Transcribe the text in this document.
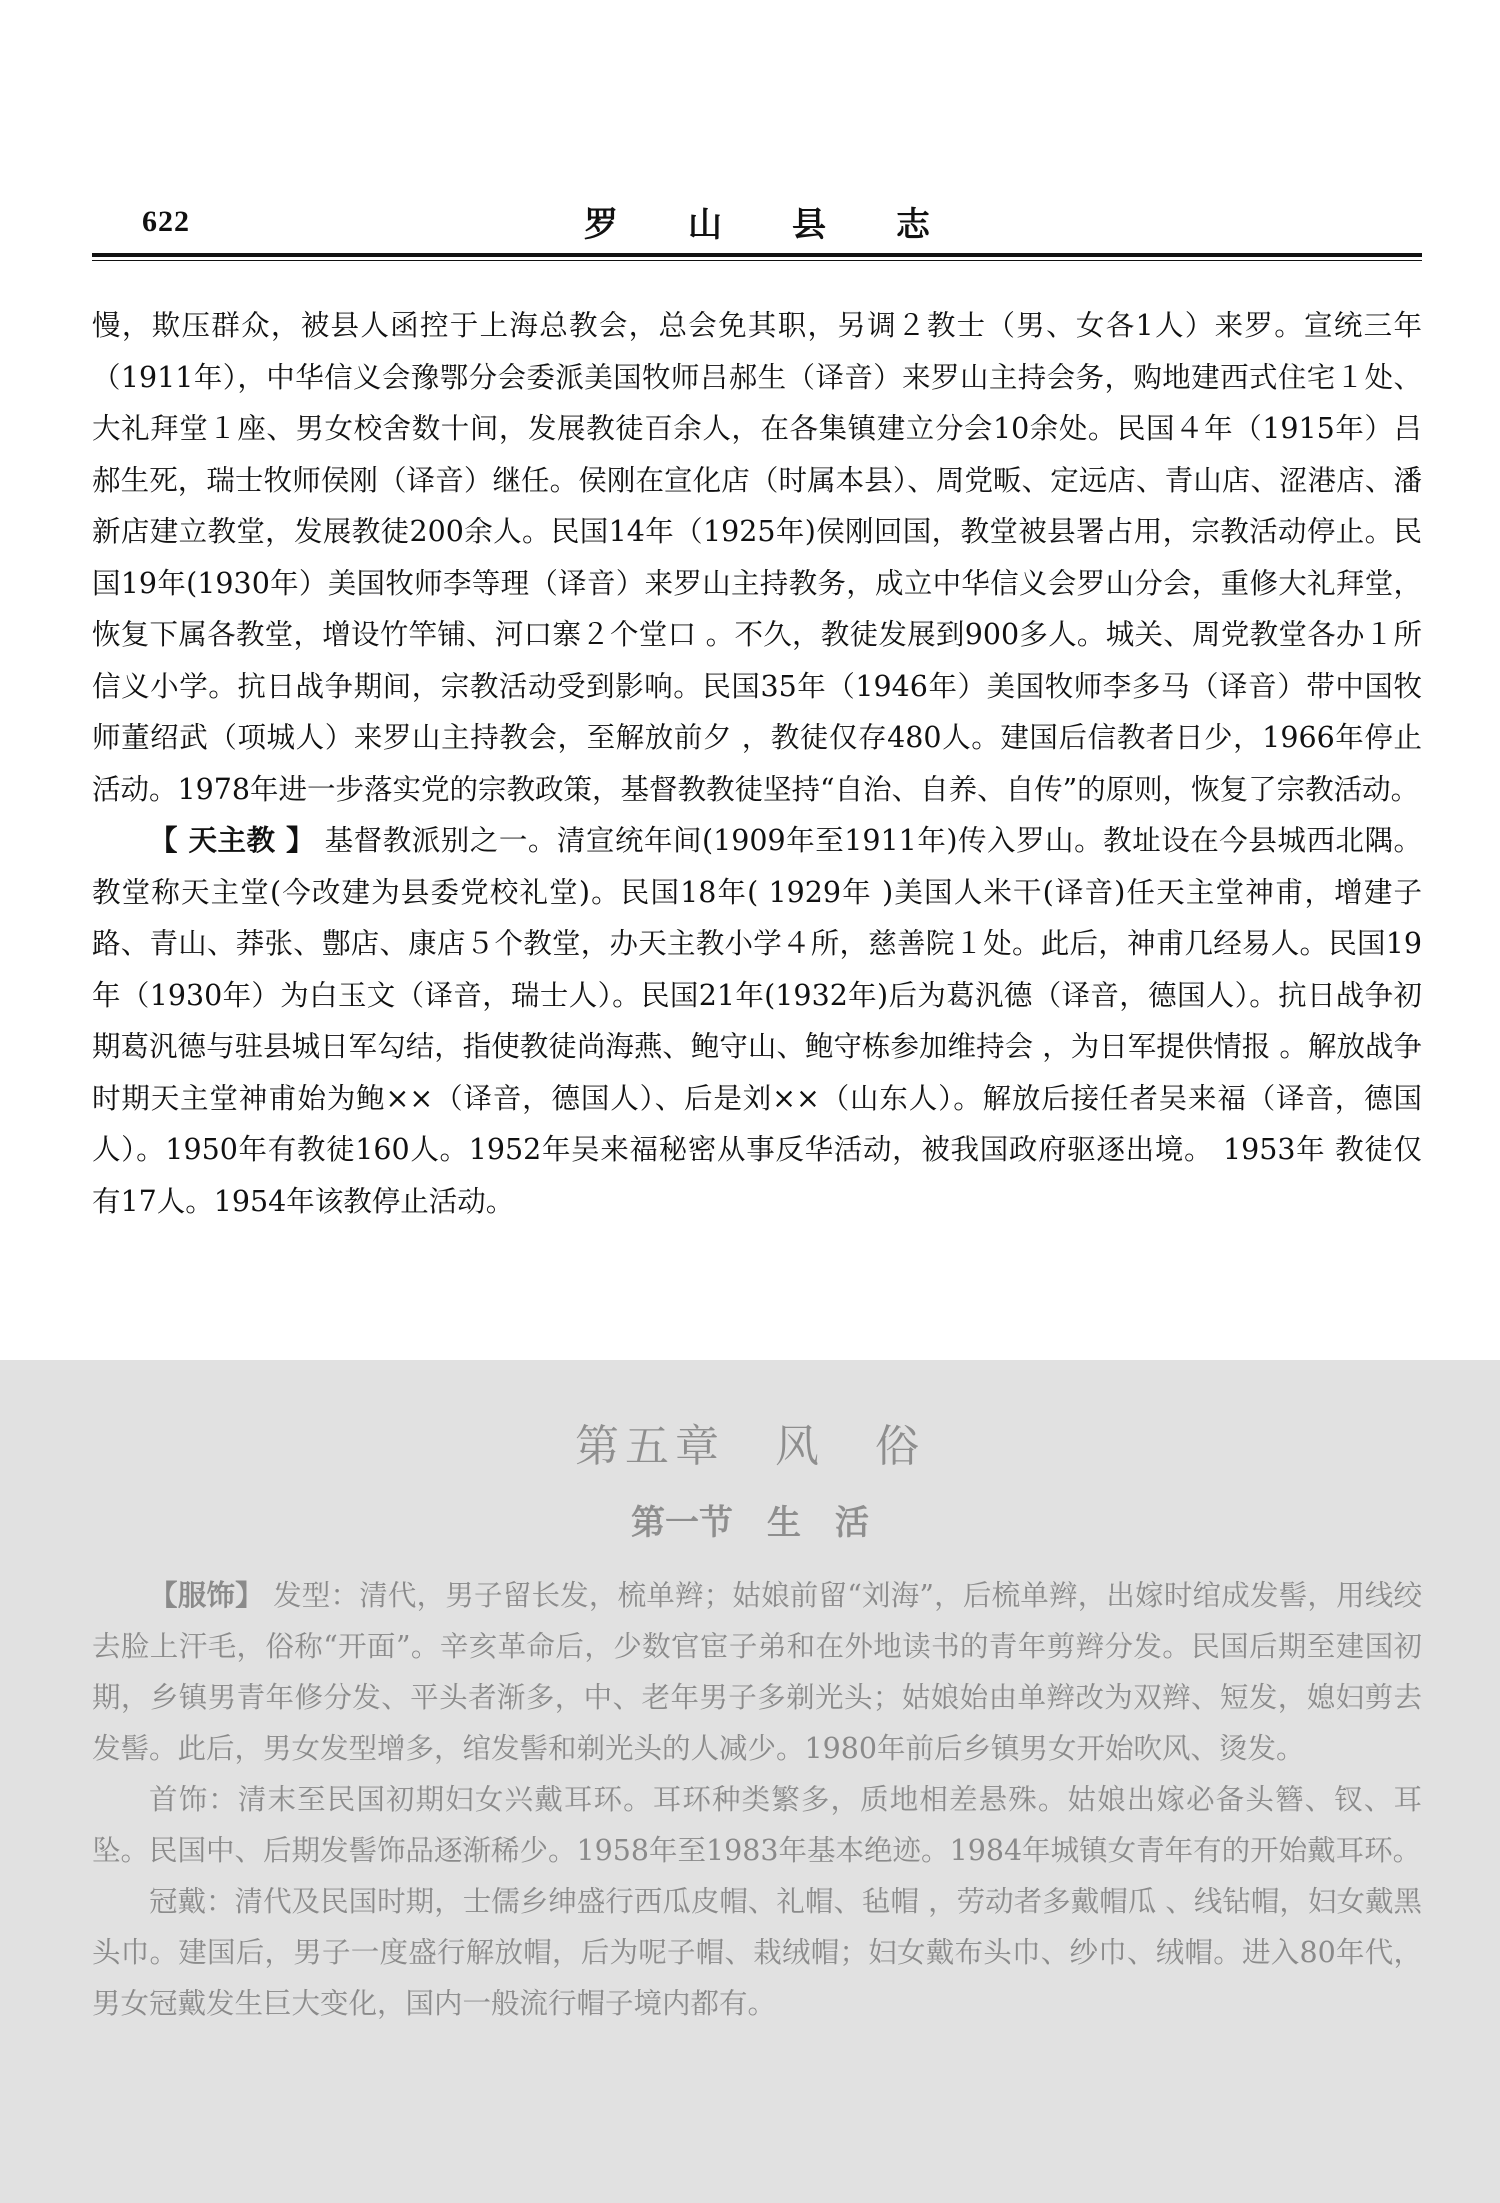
622	罗山县志

慢，欺压群众，被县人函控于上海总教会，总会免其职，另调２教士（男、女各1人）来罗。宣统三年（1911年），中华信义会豫鄂分会委派美国牧师吕郝生（译音）来罗山主持会务，购地建西式住宅１处、大礼拜堂１座、男女校舍数十间，发展教徒百余人，在各集镇建立分会10余处。民国４年（1915年）吕郝生死，瑞士牧师侯刚（译音）继任。侯刚在宣化店（时属本县）、周党畈、定远店、青山店、涩港店、潘新店建立教堂，发展教徒200余人。民国14年（1925年)侯刚回国，教堂被县署占用，宗教活动停止。民国19年(1930年）美国牧师李等理（译音）来罗山主持教务，成立中华信义会罗山分会，重修大礼拜堂，恢复下属各教堂，增设竹竿铺、河口寨２个堂口 。不久，教徒发展到900多人。城关、周党教堂各办１所信义小学。抗日战争期间，宗教活动受到影响。民国35年（1946年）美国牧师李多马（译音）带中国牧师董绍武（项城人）来罗山主持教会，至解放前夕 ，教徒仅存480人。建国后信教者日少，1966年停止活动。1978年进一步落实党的宗教政策，基督教教徒坚持“自治、自养、自传”的原则，恢复了宗教活动。

【 天主教 】 基督教派别之一。清宣统年间(1909年至1911年)传入罗山。教址设在今县城西北隅。教堂称天主堂(今改建为县委党校礼堂)。民国18年( 1929年 )美国人米干(译音)任天主堂神甫，增建子路、青山、莽张、鄷店、康店５个教堂，办天主教小学４所，慈善院１处。此后，神甫几经易人。民国19年（1930年）为白玉文（译音，瑞士人）。民国21年(1932年)后为葛汎德（译音，德国人）。抗日战争初期葛汎德与驻县城日军勾结，指使教徒尚海燕、鲍守山、鲍守栋参加维持会 ，为日军提供情报 。解放战争时期天主堂神甫始为鲍××（译音，德国人）、后是刘××（山东人）。解放后接任者吴来福（译音，德国人）。1950年有教徒160人。1952年吴来福秘密从事反华活动，被我国政府驱逐出境。 1953年 教徒仅有17人。1954年该教停止活动。

第五章　风　俗
第一节　生　活

【服饰】 发型：清代，男子留长发，梳单辫；姑娘前留“刘海”，后梳单辫，出嫁时绾成发髻，用线绞去脸上汗毛，俗称“开面”。辛亥革命后，少数官宦子弟和在外地读书的青年剪辫分发。民国后期至建国初期，乡镇男青年修分发、平头者渐多，中、老年男子多剃光头；姑娘始由单辫改为双辫、短发，媳妇剪去发髻。此后，男女发型增多，绾发髻和剃光头的人减少。1980年前后乡镇男女开始吹风、烫发。

首饰：清末至民国初期妇女兴戴耳环。耳环种类繁多，质地相差悬殊。姑娘出嫁必备头簪、钗、耳坠。民国中、后期发髻饰品逐渐稀少。1958年至1983年基本绝迹。1984年城镇女青年有的开始戴耳环。

冠戴：清代及民国时期，士儒乡绅盛行西瓜皮帽、礼帽、毡帽 ，劳动者多戴帽瓜 、线钻帽，妇女戴黑头巾。建国后，男子一度盛行解放帽，后为呢子帽、栽绒帽；妇女戴布头巾、纱巾、绒帽。进入80年代，男女冠戴发生巨大变化，国内一般流行帽子境内都有。
